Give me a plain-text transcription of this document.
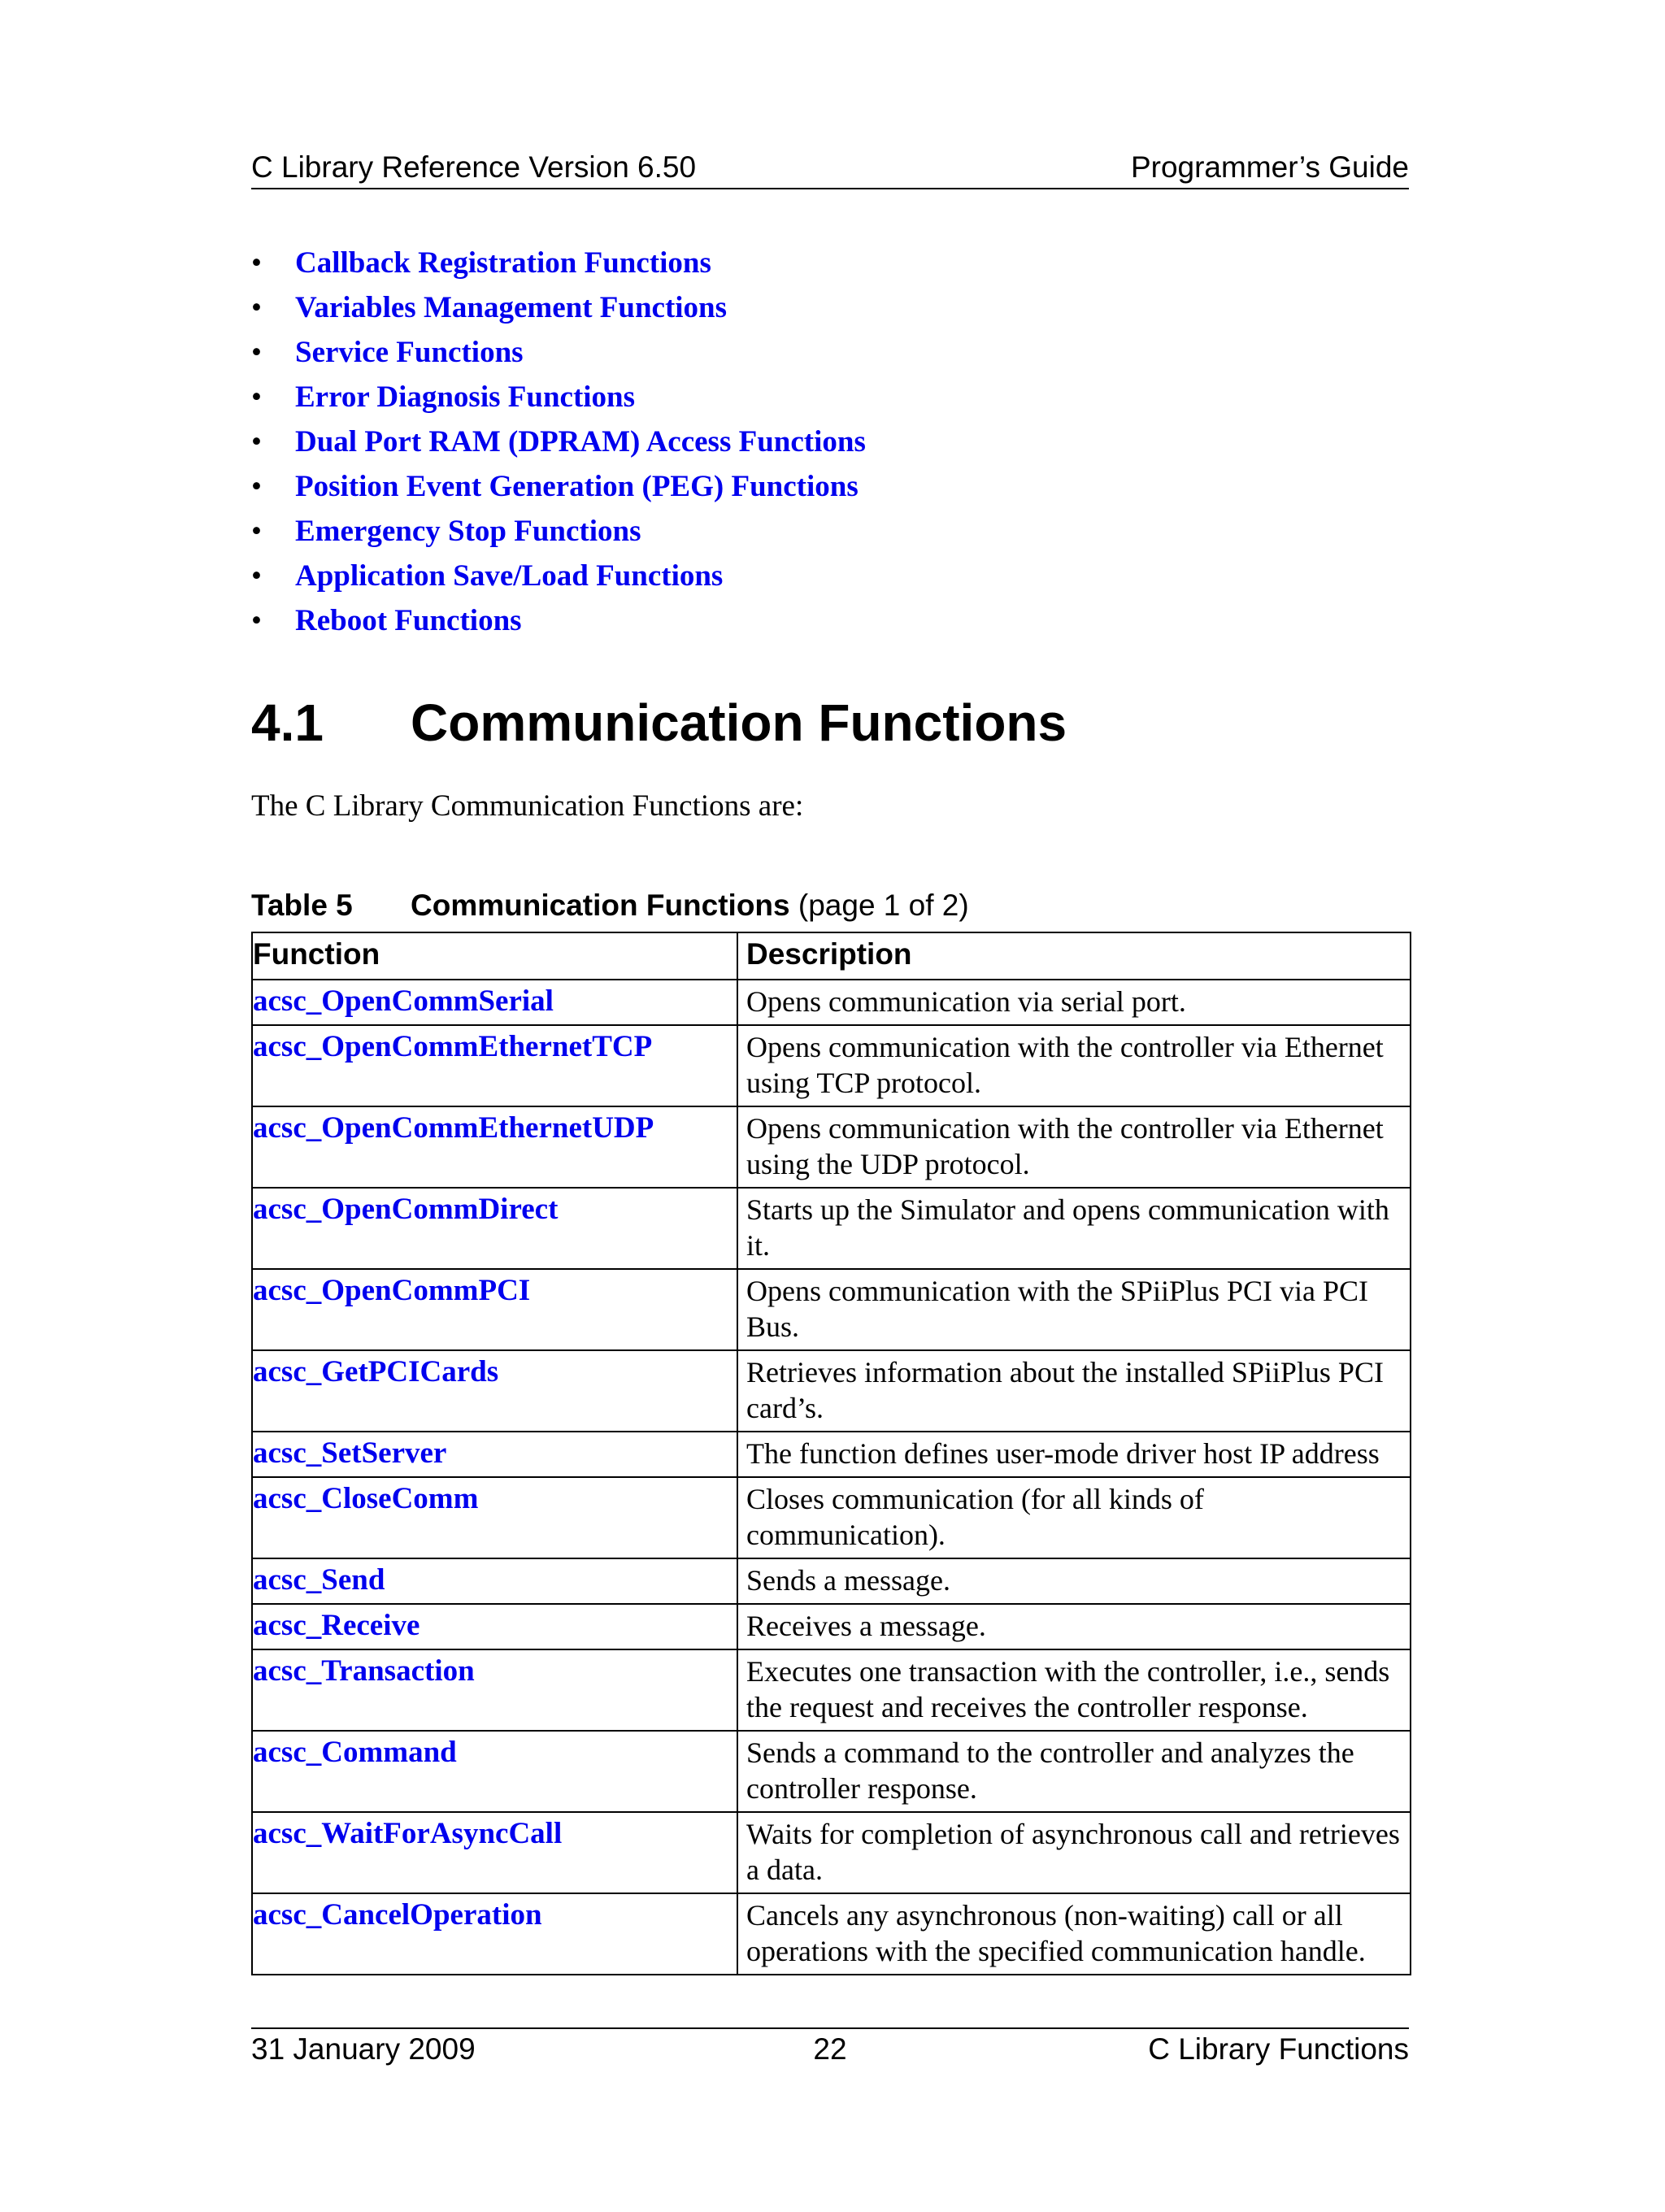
C Library Reference Version 6.50	Programmer’s Guide
• Callback Registration Functions
• Variables Management Functions
• Service Functions
• Error Diagnosis Functions
• Dual Port RAM (DPRAM) Access Functions
• Position Event Generation (PEG) Functions
• Emergency Stop Functions
• Application Save/Load Functions
• Reboot Functions
4.1 Communication Functions
The C Library Communication Functions are:
Table 5 Communication Functions (page 1 of 2)
Function	Description
acsc_OpenCommSerial	Opens communication via serial port.
acsc_OpenCommEthernetTCP	Opens communication with the controller via Ethernet using TCP protocol.
acsc_OpenCommEthernetUDP	Opens communication with the controller via Ethernet using the UDP protocol.
acsc_OpenCommDirect	Starts up the Simulator and opens communication with it.
acsc_OpenCommPCI	Opens communication with the SPiiPlus PCI via PCI Bus.
acsc_GetPCICards	Retrieves information about the installed SPiiPlus PCI card’s.
acsc_SetServer	The function defines user-mode driver host IP address
acsc_CloseComm	Closes communication (for all kinds of communication).
acsc_Send	Sends a message.
acsc_Receive	Receives a message.
acsc_Transaction	Executes one transaction with the controller, i.e., sends the request and receives the controller response.
acsc_Command	Sends a command to the controller and analyzes the controller response.
acsc_WaitForAsyncCall	Waits for completion of asynchronous call and retrieves a data.
acsc_CancelOperation	Cancels any asynchronous (non-waiting) call or all operations with the specified communication handle.
31 January 2009	22	C Library Functions
